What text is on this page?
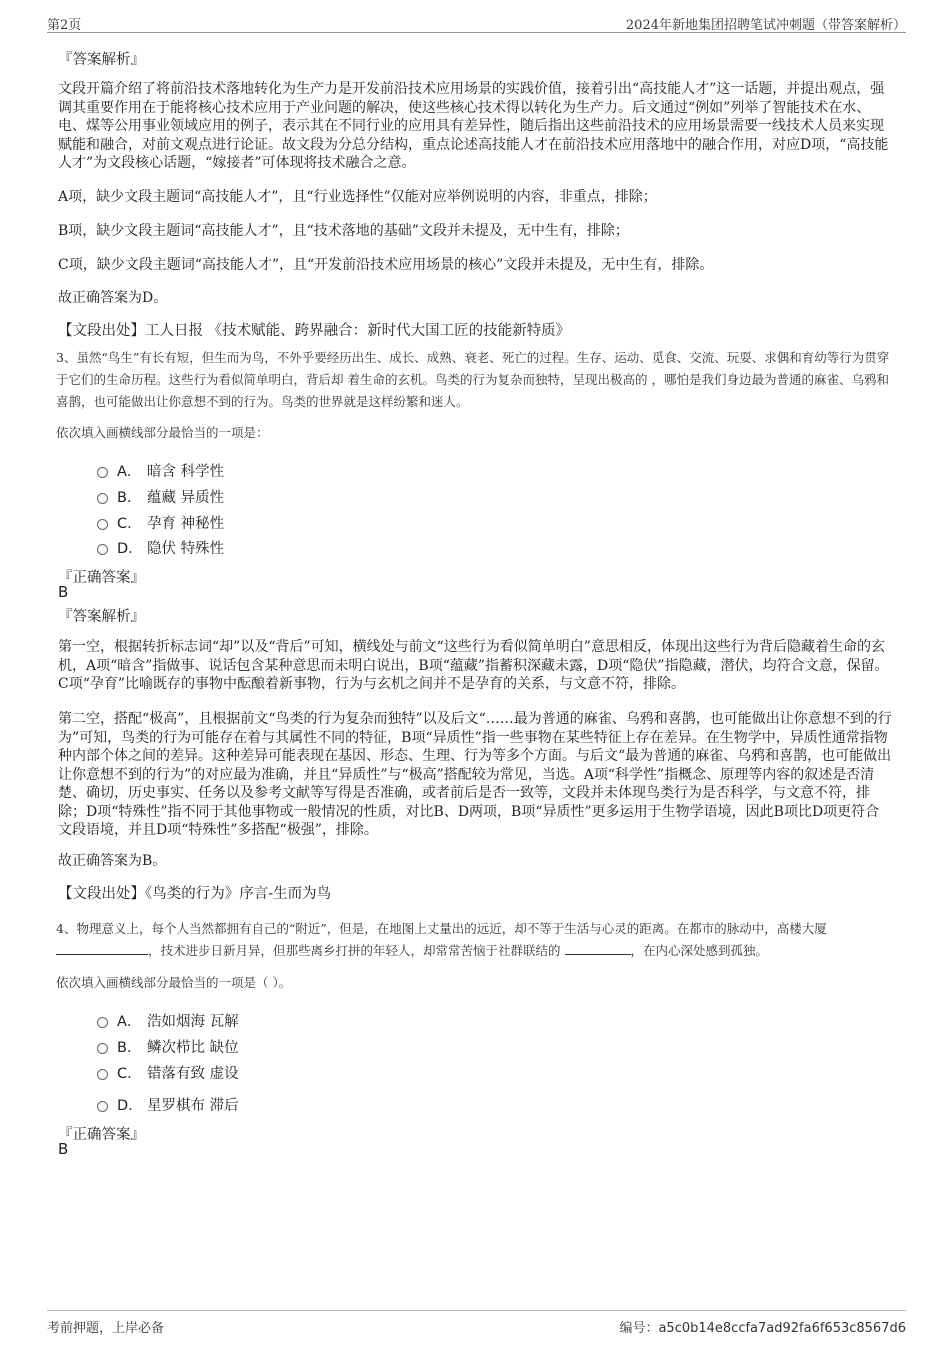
第2页	2024年新地集团招聘笔试冲刺题（带答案解析）
『答案解析』
文段开篇介绍了将前沿技术落地转化为生产力是开发前沿技术应用场景的实践价值，接着引出“高技能人才”这一话题，并提出观点，强调其重要作用在于能将核心技术应用于产业问题的解决，使这些核心技术得以转化为生产力。后文通过“例如”列举了智能技术在水、电、煤等公用事业领域应用的例子，表示其在不同行业的应用具有差异性，随后指出这些前沿技术的应用场景需要一线技术人员来实现赋能和融合，对前文观点进行论证。故文段为分总分结构，重点论述高技能人才在前沿技术应用落地中的融合作用，对应D项，“高技能人才”为文段核心话题，“嫁接者”可体现将技术融合之意。
A项，缺少文段主题词“高技能人才”，且“行业选择性”仅能对应举例说明的内容，非重点，排除；
B项，缺少文段主题词“高技能人才”，且“技术落地的基础”文段并未提及，无中生有，排除；
C项，缺少文段主题词“高技能人才”，且“开发前沿技术应用场景的核心”文段并未提及，无中生有，排除。
故正确答案为D。
【文段出处】工人日报 《技术赋能、跨界融合：新时代大国工匠的技能新特质》
3、虽然“鸟生”有长有短，但生而为鸟，不外乎要经历出生、成长、成熟、衰老、死亡的过程。生存、运动、觅食、交流、玩耍、求偶和育幼等行为贯穿于它们的生命历程。这些行为看似简单明白，背后却 着生命的玄机。鸟类的行为复杂而独特，呈现出极高的 ，哪怕是我们身边最为普通的麻雀、乌鸦和喜鹊，也可能做出让你意想不到的行为。鸟类的世界就是这样纷繁和迷人。
依次填入画横线部分最恰当的一项是：
A． 暗含 科学性
B． 蕴藏 异质性
C． 孕育 神秘性
D． 隐伏 特殊性
『正确答案』
B
『答案解析』
第一空，根据转折标志词“却”以及“背后”可知，横线处与前文“这些行为看似简单明白”意思相反，体现出这些行为背后隐藏着生命的玄机，A项“暗含”指做事、说话包含某种意思而未明白说出，B项“蕴藏”指蓄积深藏未露，D项“隐伏”指隐藏，潜伏，均符合文意，保留。C项“孕育”比喻既存的事物中酝酿着新事物，行为与玄机之间并不是孕育的关系，与文意不符，排除。
第二空，搭配“极高”，且根据前文“鸟类的行为复杂而独特”以及后文“……最为普通的麻雀、乌鸦和喜鹊，也可能做出让你意想不到的行为”可知，鸟类的行为可能存在着与其属性不同的特征，B项“异质性”指一些事物在某些特征上存在差异。在生物学中，异质性通常指物种内部个体之间的差异。这种差异可能表现在基因、形态、生理、行为等多个方面。与后文“最为普通的麻雀、乌鸦和喜鹊，也可能做出让你意想不到的行为”的对应最为准确，并且“异质性”与“极高”搭配较为常见，当选。A项“科学性”指概念、原理等内容的叙述是否清楚、确切，历史事实、任务以及参考文献等写得是否准确，或者前后是否一致等，文段并未体现鸟类行为是否科学，与文意不符，排除；D项“特殊性”指不同于其他事物或一般情况的性质，对比B、D两项，B项“异质性”更多运用于生物学语境，因此B项比D项更符合文段语境，并且D项“特殊性”多搭配“极强”，排除。
故正确答案为B。
【文段出处】《鸟类的行为》序言-生而为鸟
4、物理意义上，每个人当然都拥有自己的“附近”，但是，在地图上丈量出的远近，却不等于生活与心灵的距离。在都市的脉动中，高楼大厦，技术进步日新月异，但那些离乡打拼的年轻人，却常常苦恼于社群联结的	，在内心深处感到孤独。
依次填入画横线部分最恰当的一项是（ ）。
A． 浩如烟海 瓦解
B． 鳞次栉比 缺位
C． 错落有致 虚设
D． 星罗棋布 滞后
『正确答案』
B
考前押题，上岸必备	编号：a5c0b14e8ccfa7ad92fa6f653c8567d6
